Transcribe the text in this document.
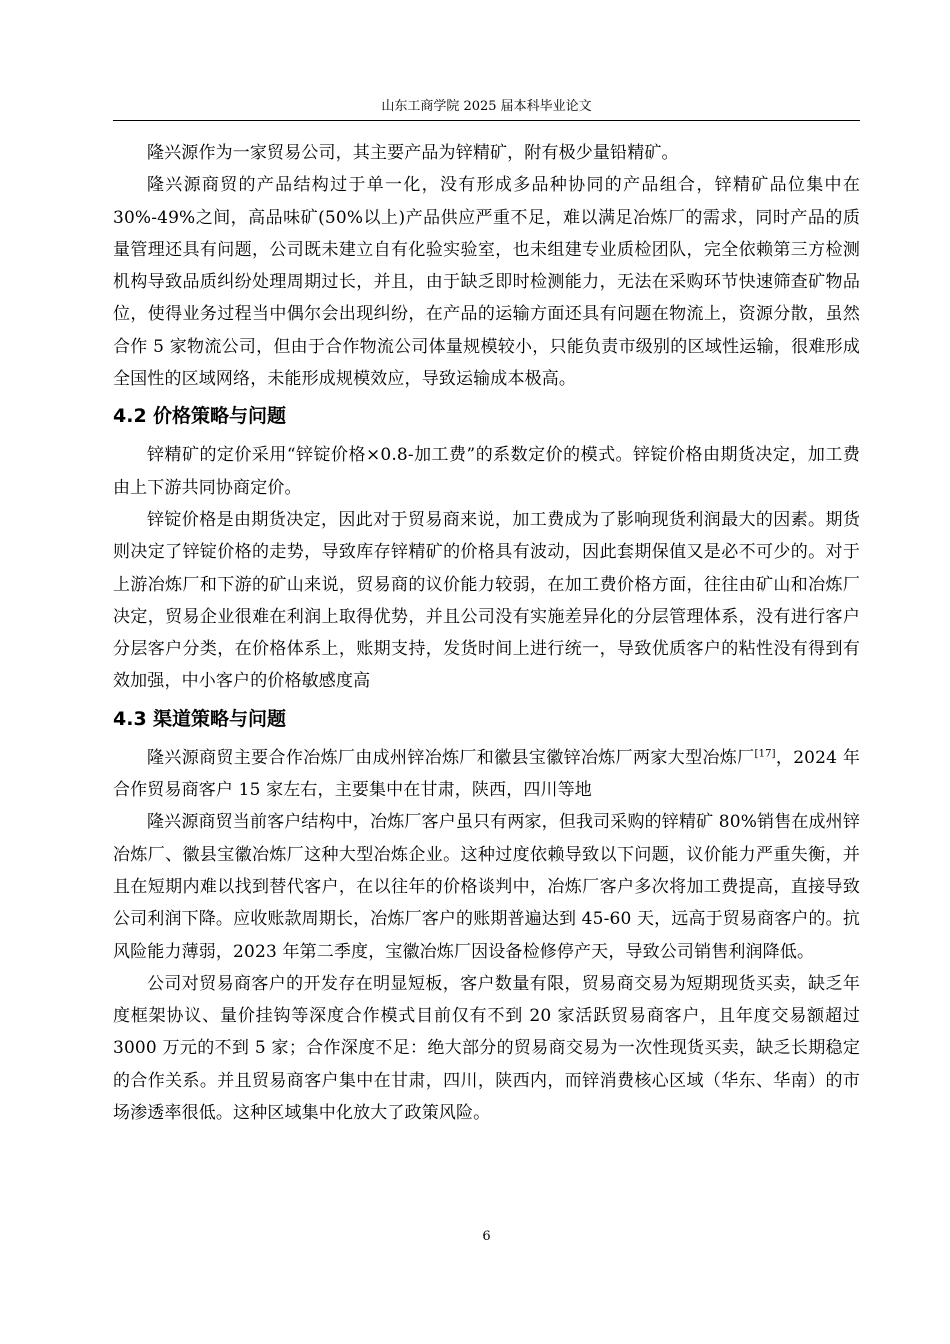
山东工商学院 2025 届本科毕业论文

隆兴源作为一家贸易公司，其主要产品为锌精矿，附有极少量铅精矿。

隆兴源商贸的产品结构过于单一化，没有形成多品种协同的产品组合，锌精矿品位集中在 30%-49%之间，高品味矿(50%以上)产品供应严重不足，难以满足冶炼厂的需求，同时产品的质量管理还具有问题，公司既未建立自有化验实验室，也未组建专业质检团队，完全依赖第三方检测机构导致品质纠纷处理周期过长，并且，由于缺乏即时检测能力，无法在采购环节快速筛查矿物品位，使得业务过程当中偶尔会出现纠纷，在产品的运输方面还具有问题在物流上，资源分散，虽然合作 5 家物流公司，但由于合作物流公司体量规模较小，只能负责市级别的区域性运输，很难形成全国性的区域网络，未能形成规模效应，导致运输成本极高。

4.2 价格策略与问题

锌精矿的定价采用“锌锭价格×0.8-加工费”的系数定价的模式。锌锭价格由期货决定，加工费由上下游共同协商定价。

锌锭价格是由期货决定，因此对于贸易商来说，加工费成为了影响现货利润最大的因素。期货则决定了锌锭价格的走势，导致库存锌精矿的价格具有波动，因此套期保值又是必不可少的。对于上游冶炼厂和下游的矿山来说，贸易商的议价能力较弱，在加工费价格方面，往往由矿山和冶炼厂决定，贸易企业很难在利润上取得优势，并且公司没有实施差异化的分层管理体系，没有进行客户分层客户分类，在价格体系上，账期支持，发货时间上进行统一，导致优质客户的粘性没有得到有效加强，中小客户的价格敏感度高

4.3 渠道策略与问题

隆兴源商贸主要合作冶炼厂由成州锌冶炼厂和徽县宝徽锌冶炼厂两家大型冶炼厂[17]，2024 年合作贸易商客户 15 家左右，主要集中在甘肃，陕西，四川等地

隆兴源商贸当前客户结构中，冶炼厂客户虽只有两家，但我司采购的锌精矿 80%销售在成州锌冶炼厂、徽县宝徽冶炼厂这种大型冶炼企业。这种过度依赖导致以下问题，议价能力严重失衡，并且在短期内难以找到替代客户，在以往年的价格谈判中，冶炼厂客户多次将加工费提高，直接导致公司利润下降。应收账款周期长，冶炼厂客户的账期普遍达到 45-60 天，远高于贸易商客户的。抗风险能力薄弱，2023 年第二季度，宝徽冶炼厂因设备检修停产天，导致公司销售利润降低。

公司对贸易商客户的开发存在明显短板，客户数量有限，贸易商交易为短期现货买卖，缺乏年度框架协议、量价挂钩等深度合作模式目前仅有不到 20 家活跃贸易商客户，且年度交易额超过 3000 万元的不到 5 家；合作深度不足：绝大部分的贸易商交易为一次性现货买卖，缺乏长期稳定的合作关系。并且贸易商客户集中在甘肃，四川，陕西内，而锌消费核心区域（华东、华南）的市场渗透率很低。这种区域集中化放大了政策风险。

6
